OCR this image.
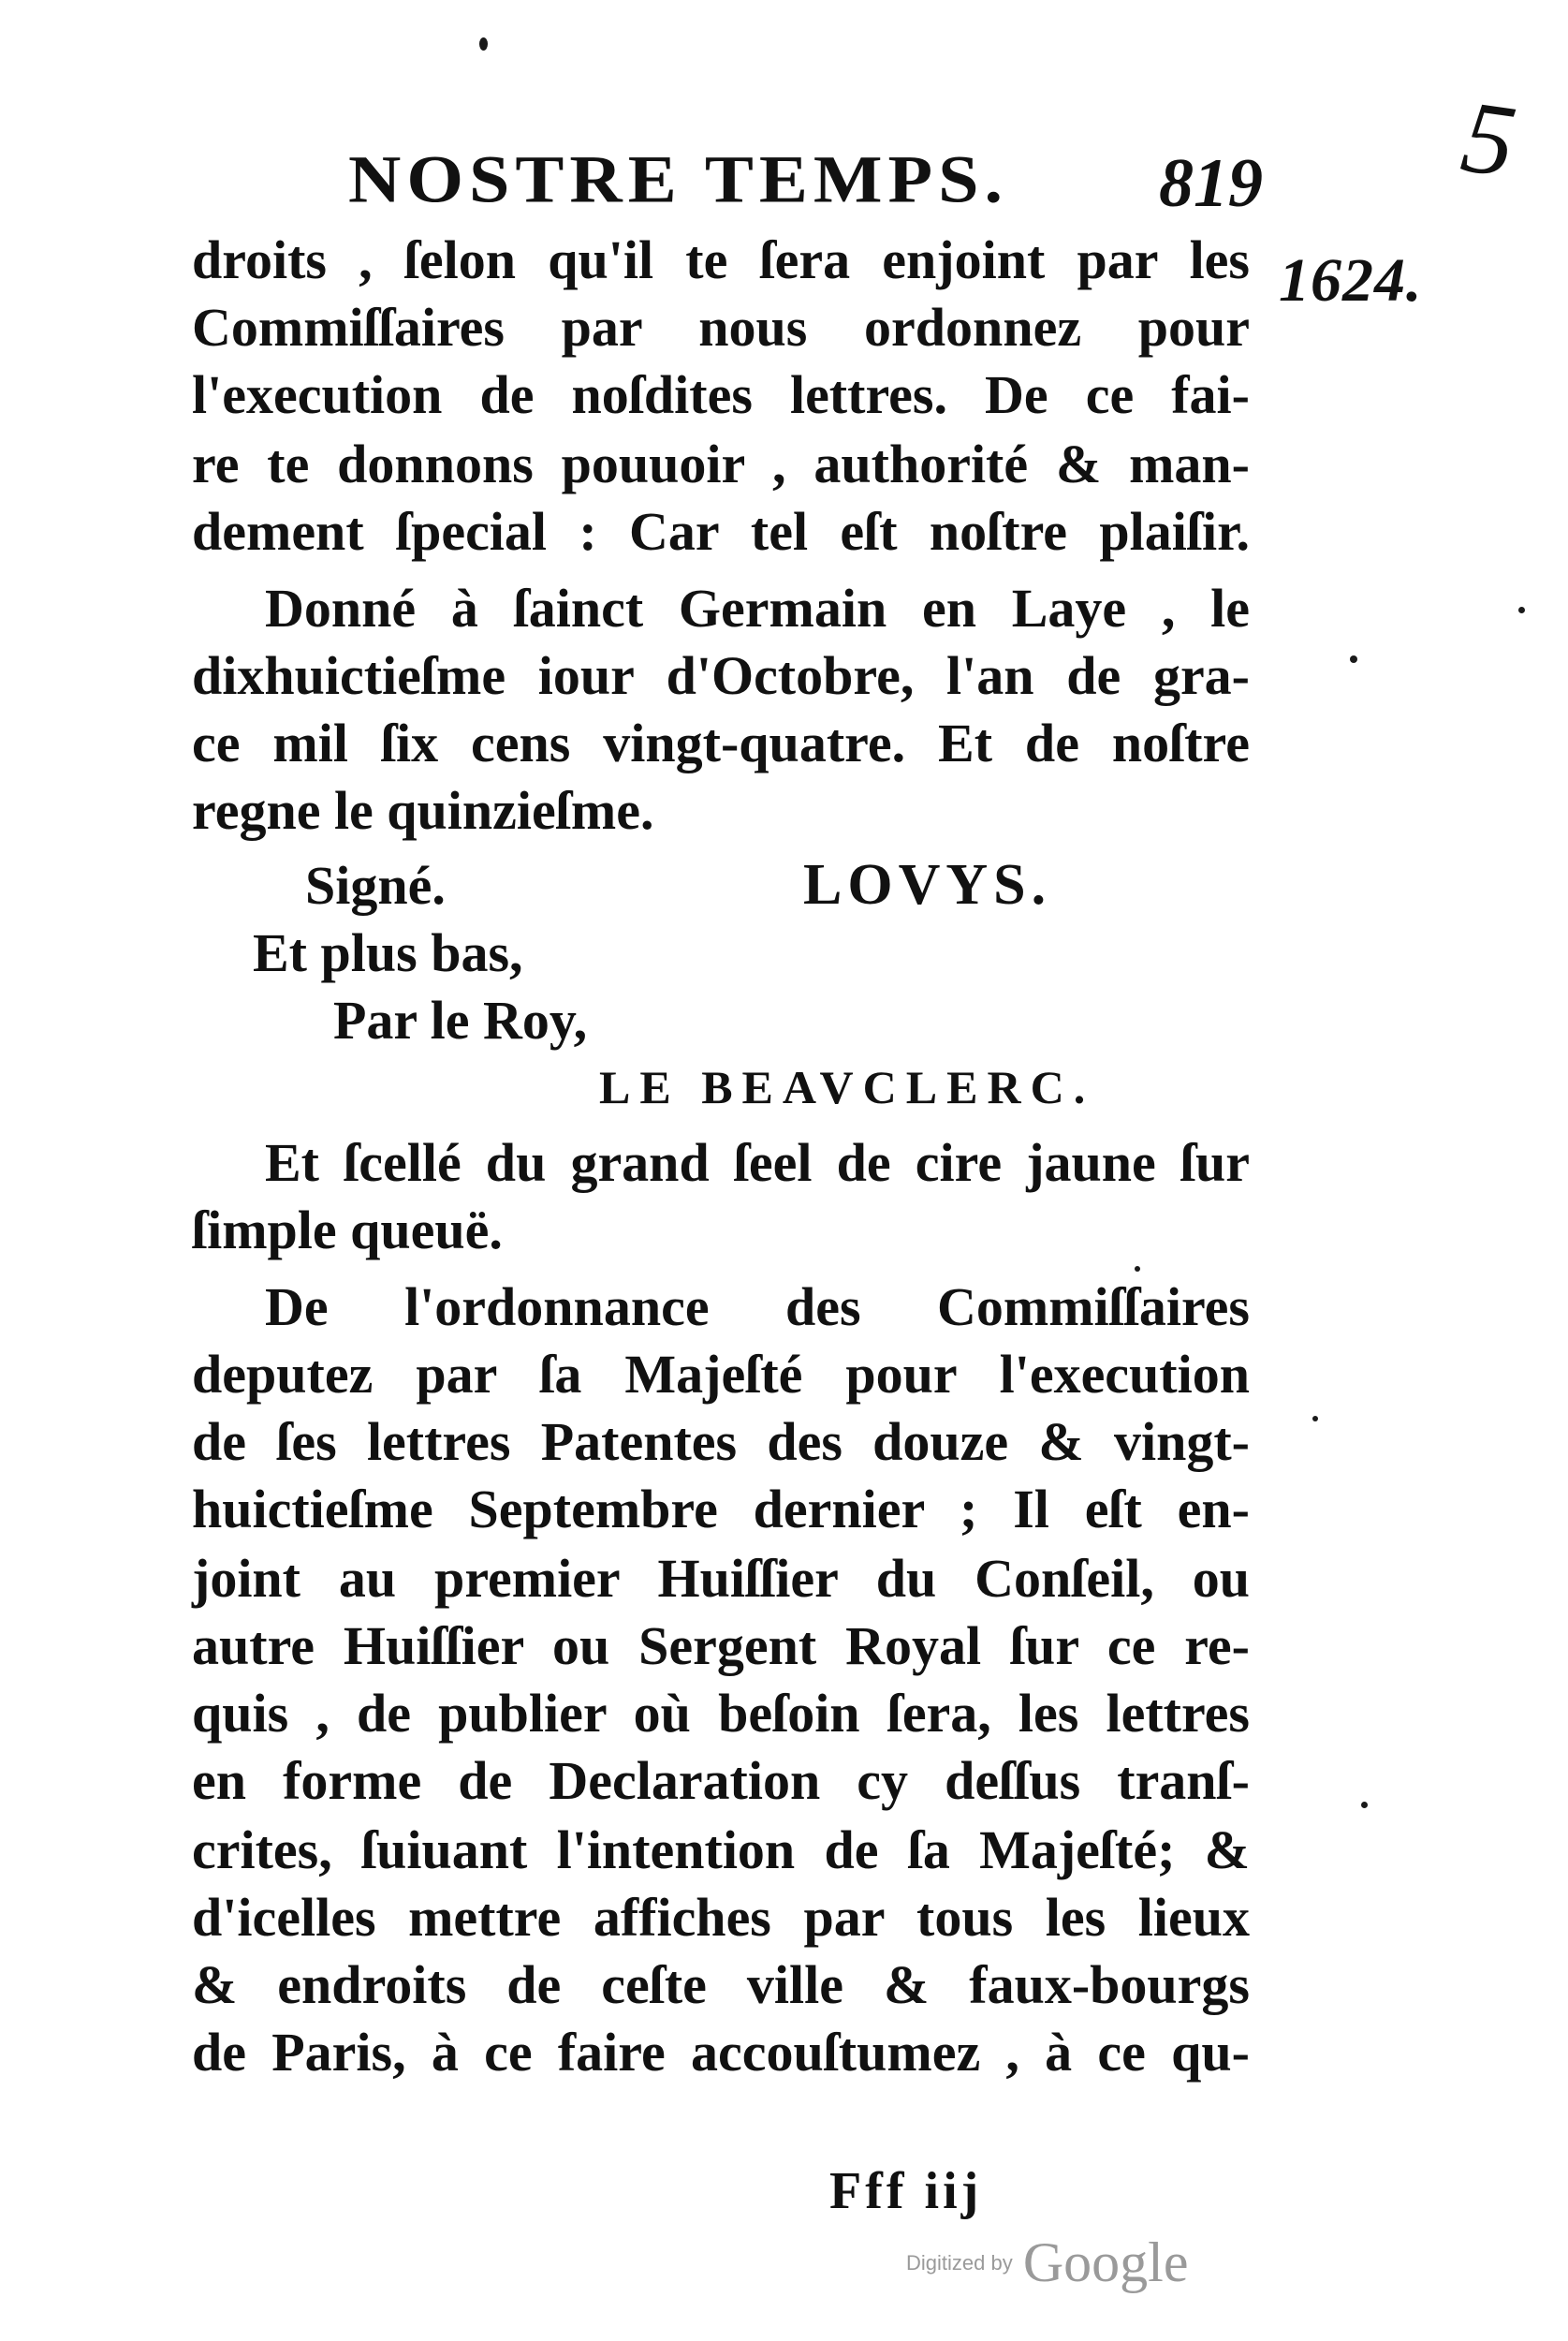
NOSTRE TEMPS. 819 5
1624.
droits , ſelon qu'il te ſera enjoint par les
Commiſſaires par nous ordonnez pour
l'execution de noſdites lettres. De ce fai-
re te donnons pouuoir , authorité & man-
dement ſpecial : Car tel eſt noſtre plaiſir.
Donné à ſainct Germain en Laye , le
dixhuictieſme iour d'Octobre, l'an de gra-
ce mil ſix cens vingt-quatre. Et de noſtre
regne le quinzieſme.
Signé.	LOVYS.
Et plus bas,
Par le Roy,
LE BEAVCLERC.
Et ſcellé du grand ſeel de cire jaune ſur
ſimple queuë.
De l'ordonnance des Commiſſaires
deputez par ſa Majeſté pour l'execution
de ſes lettres Patentes des douze & vingt-
huictieſme Septembre dernier ; Il eſt en-
joint au premier Huiſſier du Conſeil, ou
autre Huiſſier ou Sergent Royal ſur ce re-
quis , de publier où beſoin ſera, les lettres
en forme de Declaration cy deſſus tranſ-
crites, ſuiuant l'intention de ſa Majeſté; &
d'icelles mettre affiches par tous les lieux
& endroits de ceſte ville & faux-bourgs
de Paris, à ce faire accouſtumez , à ce qu-
Fff iij
Digitized by Google
